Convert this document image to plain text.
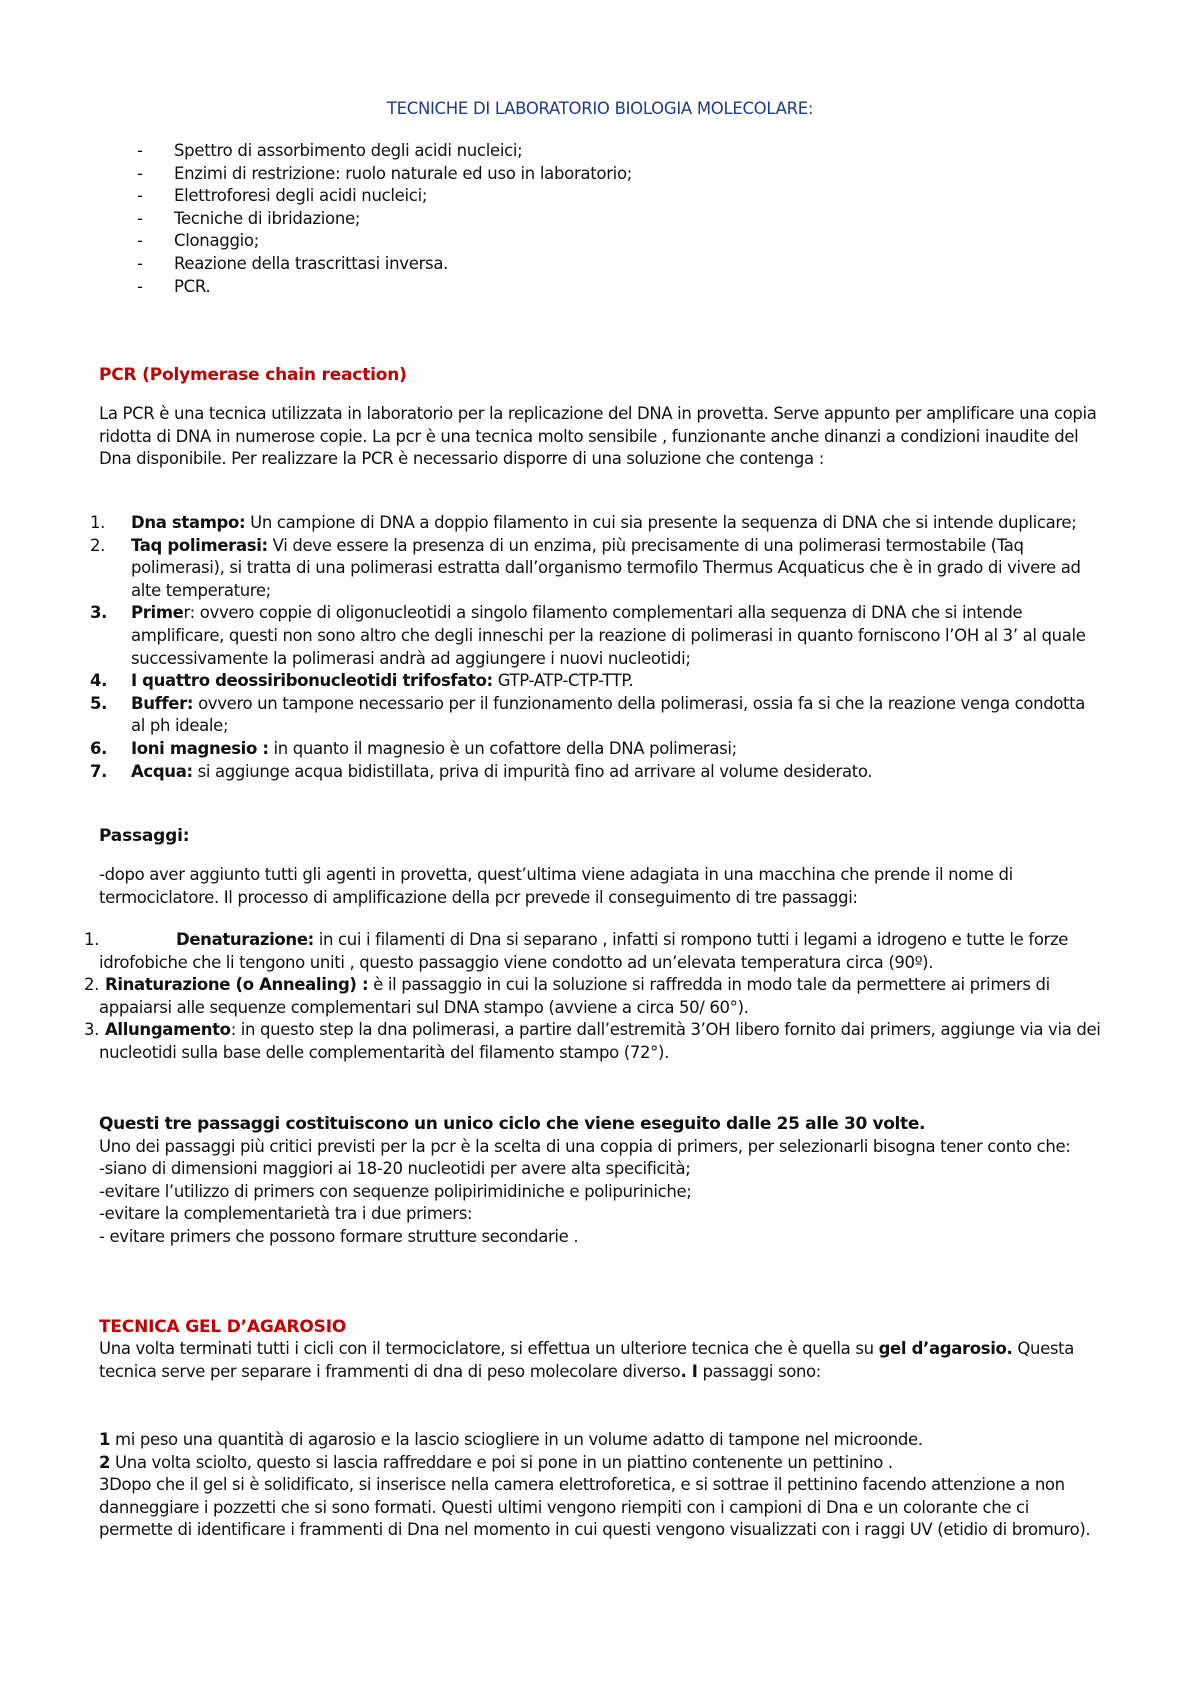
TECNICHE DI LABORATORIO BIOLOGIA MOLECOLARE:
- Spettro di assorbimento degli acidi nucleici;
- Enzimi di restrizione: ruolo naturale ed uso in laboratorio;
- Elettroforesi degli acidi nucleici;
- Tecniche di ibridazione;
- Clonaggio;
- Reazione della trascrittasi inversa.
- PCR.
PCR (Polymerase chain reaction)

La PCR è una tecnica utilizzata in laboratorio per la replicazione del DNA in provetta. Serve appunto per amplificare una copia ridotta di DNA in numerose copie. La pcr è una tecnica molto sensibile , funzionante anche dinanzi a condizioni inaudite del Dna disponibile. Per realizzare la PCR è necessario disporre di una soluzione che contenga :

1. Dna stampo: Un campione di DNA a doppio filamento in cui sia presente la sequenza di DNA che si intende duplicare;
2. Taq polimerasi: Vi deve essere la presenza di un enzima, più precisamente di una polimerasi termostabile (Taq polimerasi), si tratta di una polimerasi estratta dall’organismo termofilo Thermus Acquaticus che è in grado di vivere ad alte temperature;
3. Primer: ovvero coppie di oligonucleotidi a singolo filamento complementari alla sequenza di DNA che si intende amplificare, questi non sono altro che degli inneschi per la reazione di polimerasi in quanto forniscono l’OH al 3’ al quale successivamente la polimerasi andrà ad aggiungere i nuovi nucleotidi;
4. I quattro deossiribonucleotidi trifosfato: GTP-ATP-CTP-TTP.
5. Buffer: ovvero un tampone necessario per il funzionamento della polimerasi, ossia fa si che la reazione venga condotta al ph ideale;
6. Ioni magnesio : in quanto il magnesio è un cofattore della DNA polimerasi;
7. Acqua: si aggiunge acqua bidistillata, priva di impurità fino ad arrivare al volume desiderato.
Passaggi:

-dopo aver aggiunto tutti gli agenti in provetta, quest’ultima viene adagiata in una macchina che prende il nome di termociclatore. Il processo di amplificazione della pcr prevede il conseguimento di tre passaggi:

1.	Denaturazione: in cui i filamenti di Dna si separano , infatti si rompono tutti i legami a idrogeno e tutte le forze idrofobiche che li tengono uniti , questo passaggio viene condotto ad un’elevata temperatura circa (90º).
2. Rinaturazione (o Annealing) : è il passaggio in cui la soluzione si raffredda in modo tale da permettere ai primers di appaiarsi alle sequenze complementari sul DNA stampo (avviene a circa 50/ 60°).
3. Allungamento: in questo step la dna polimerasi, a partire dall’estremità 3’OH libero fornito dai primers, aggiunge via via dei nucleotidi sulla base delle complementarità del filamento stampo (72°).

Questi tre passaggi costituiscono un unico ciclo che viene eseguito dalle 25 alle 30 volte.

Uno dei passaggi più critici previsti per la pcr è la scelta di una coppia di primers, per selezionarli bisogna tener conto che:

-siano di dimensioni maggiori ai 18-20 nucleotidi per avere alta specificità;

-evitare l’utilizzo di primers con sequenze polipirimidiniche e polipuriniche;

-evitare la complementarietà tra i due primers:

- evitare primers che possono formare strutture secondarie .

TECNICA GEL D’AGAROSIO

Una volta terminati tutti i cicli con il termociclatore, si effettua un ulteriore tecnica che è quella su gel d’agarosio. Questa tecnica serve per separare i frammenti di dna di peso molecolare diverso. I passaggi sono:

1 mi peso una quantità di agarosio e la lascio sciogliere in un volume adatto di tampone nel microonde.

2 Una volta sciolto, questo si lascia raffreddare e poi si pone in un piattino contenente un pettinino .

3Dopo che il gel si è solidificato, si inserisce nella camera elettroforetica, e si sottrae il pettinino facendo attenzione a non danneggiare i pozzetti che si sono formati. Questi ultimi vengono riempiti con i campioni di Dna e un colorante che ci permette di identificare i frammenti di Dna nel momento in cui questi vengono visualizzati con i raggi UV (etidio di bromuro).
